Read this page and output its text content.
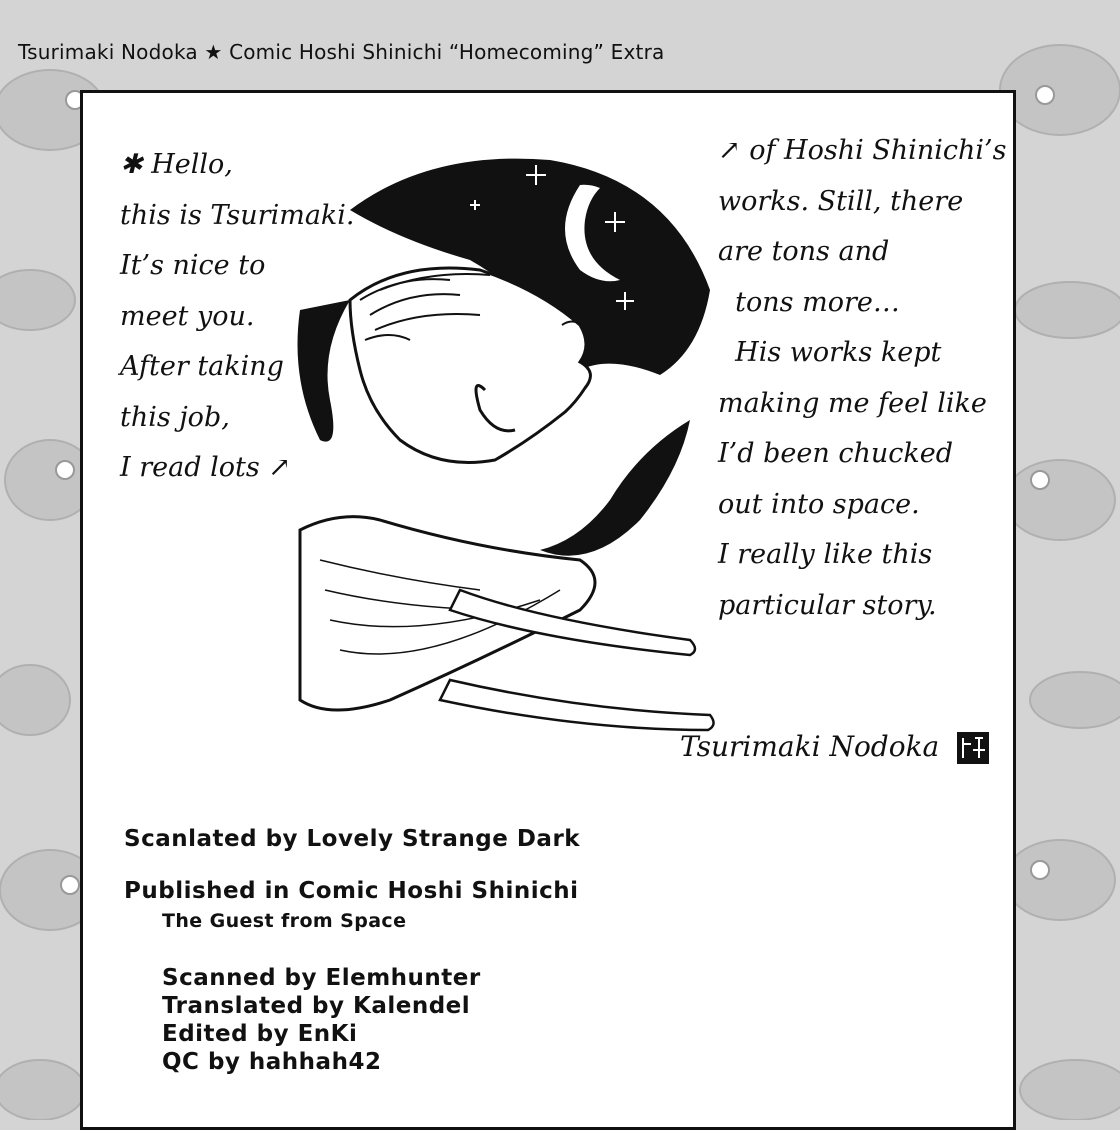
Tsurimaki Nodoka ★ Comic Hoshi Shinichi “Homecoming” Extra
✱ Hello,
this is Tsurimaki.
It’s nice to
meet you.
After taking
this job,
I read lots ↗
↗ of Hoshi Shinichi’s
works. Still, there
are tons and
tons more…
His works kept
making me feel like
I’d been chucked
out into space.
I really like this
particular story.
Tsurimaki Nodoka
Scanlated by Lovely Strange Dark
Published in Comic Hoshi Shinichi
The Guest from Space
Scanned by Elemhunter
Translated by Kalendel
Edited by EnKi
QC by hahhah42
